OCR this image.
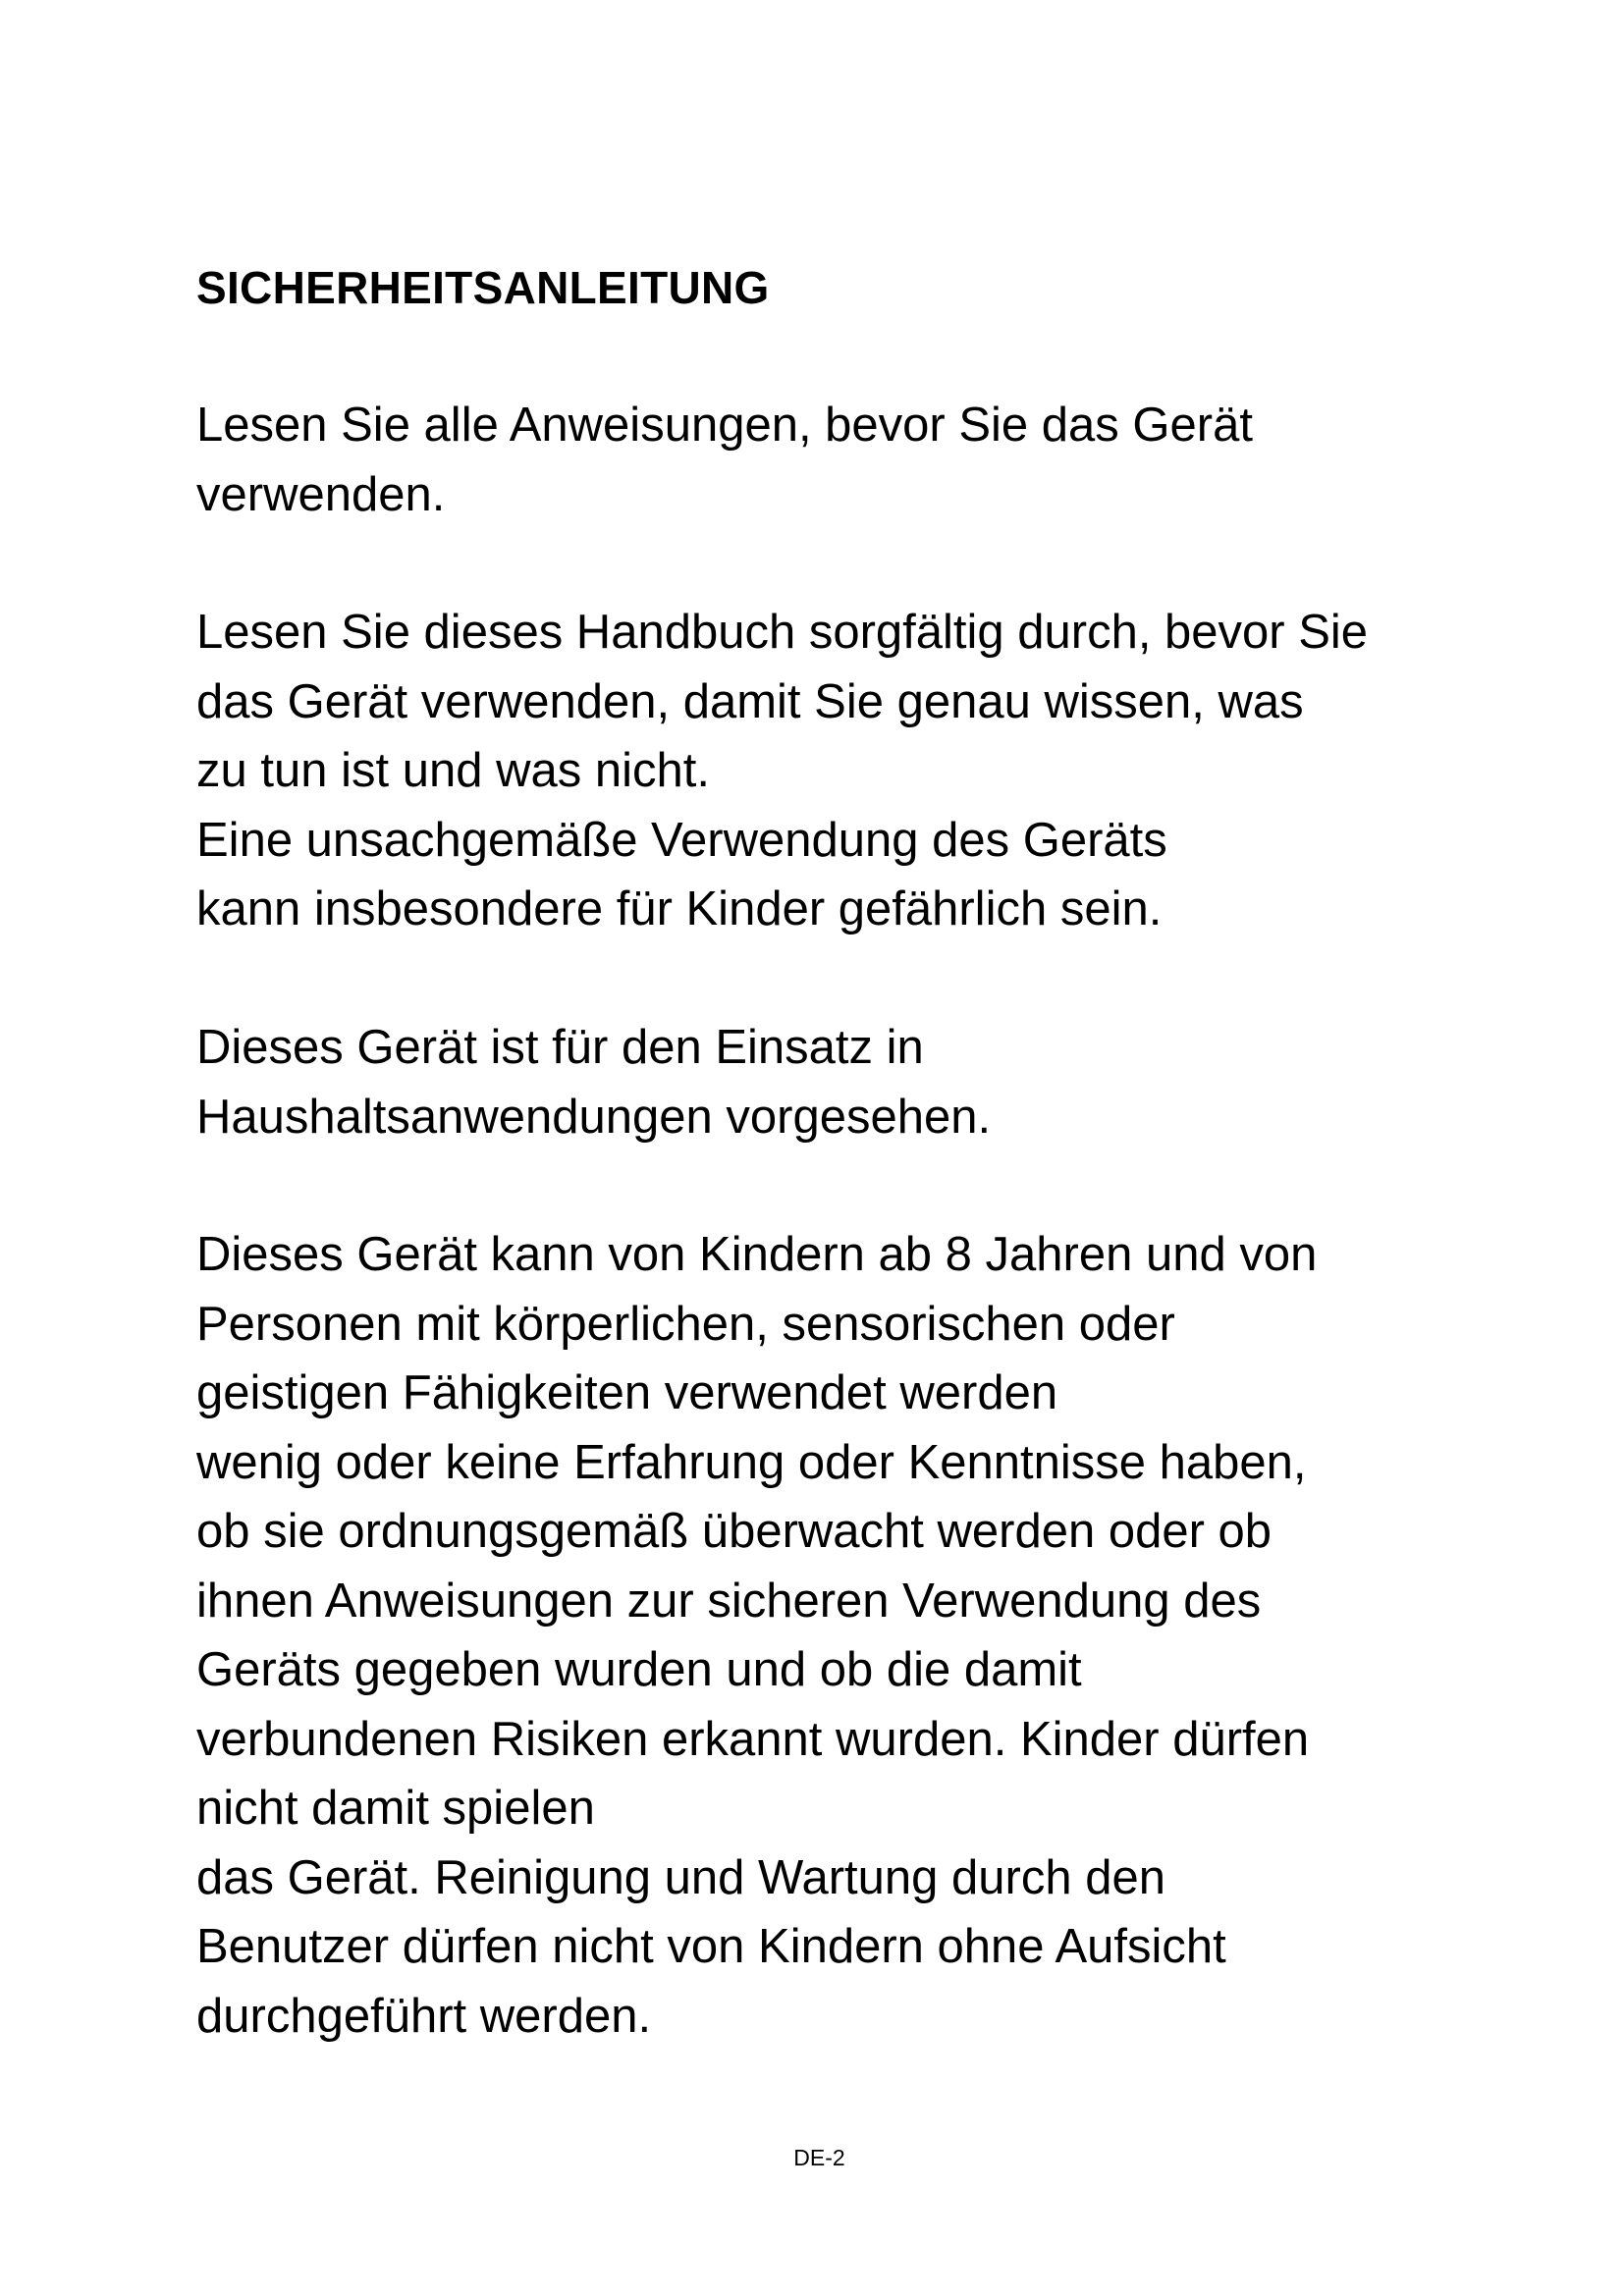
SICHERHEITSANLEITUNG
Lesen Sie alle Anweisungen, bevor Sie das Gerät
verwenden.
Lesen Sie dieses Handbuch sorgfältig durch, bevor Sie
das Gerät verwenden, damit Sie genau wissen, was
zu tun ist und was nicht.
Eine unsachgemäße Verwendung des Geräts
kann insbesondere für Kinder gefährlich sein.
Dieses Gerät ist für den Einsatz in
Haushaltsanwendungen vorgesehen.
Dieses Gerät kann von Kindern ab 8 Jahren und von
Personen mit körperlichen, sensorischen oder
geistigen Fähigkeiten verwendet werden
wenig oder keine Erfahrung oder Kenntnisse haben,
ob sie ordnungsgemäß überwacht werden oder ob
ihnen Anweisungen zur sicheren Verwendung des
Geräts gegeben wurden und ob die damit
verbundenen Risiken erkannt wurden. Kinder dürfen
nicht damit spielen
das Gerät. Reinigung und Wartung durch den
Benutzer dürfen nicht von Kindern ohne Aufsicht
durchgeführt werden.
DE-2
